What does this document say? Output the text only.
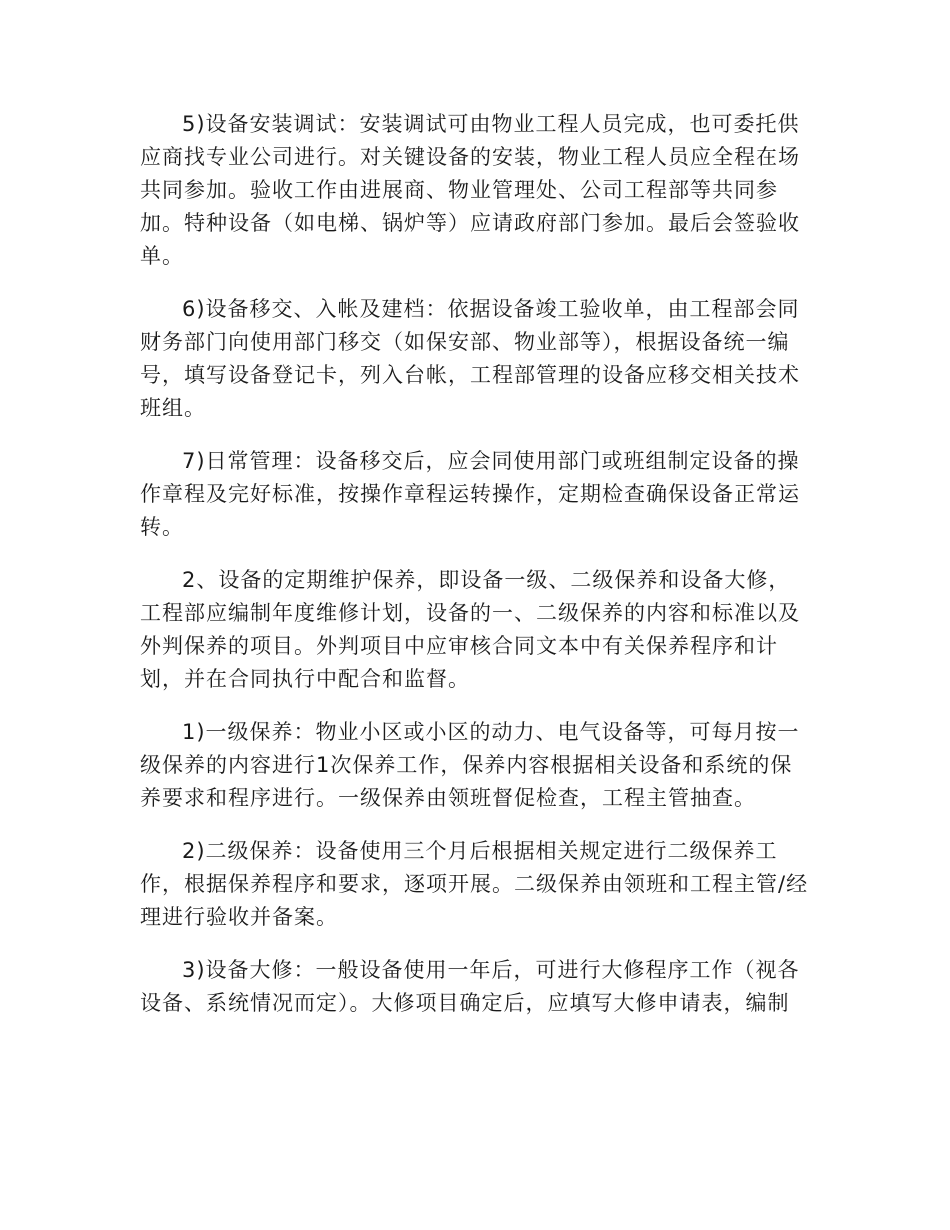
5)设备安装调试：安装调试可由物业工程人员完成，也可委托供应商找专业公司进行。对关键设备的安装，物业工程人员应全程在场共同参加。验收工作由进展商、物业管理处、公司工程部等共同参加。特种设备（如电梯、锅炉等）应请政府部门参加。最后会签验收单。

6)设备移交、入帐及建档：依据设备竣工验收单，由工程部会同财务部门向使用部门移交（如保安部、物业部等），根据设备统一编号，填写设备登记卡，列入台帐，工程部管理的设备应移交相关技术班组。

7)日常管理：设备移交后，应会同使用部门或班组制定设备的操作章程及完好标准，按操作章程运转操作，定期检查确保设备正常运转。

2、设备的定期维护保养，即设备一级、二级保养和设备大修，工程部应编制年度维修计划，设备的一、二级保养的内容和标准以及外判保养的项目。外判项目中应审核合同文本中有关保养程序和计划，并在合同执行中配合和监督。

1)一级保养：物业小区或小区的动力、电气设备等，可每月按一级保养的内容进行1次保养工作，保养内容根据相关设备和系统的保养要求和程序进行。一级保养由领班督促检查，工程主管抽查。

2)二级保养：设备使用三个月后根据相关规定进行二级保养工作，根据保养程序和要求，逐项开展。二级保养由领班和工程主管/经理进行验收并备案。

3)设备大修：一般设备使用一年后，可进行大修程序工作（视各设备、系统情况而定）。大修项目确定后，应填写大修申请表，编制
